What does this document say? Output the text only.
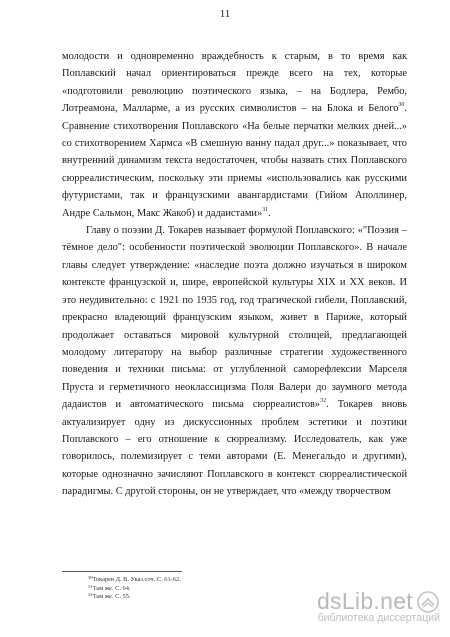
11

молодости и одновременно враждебность к старым, в то время как Поплавский начал ориентироваться прежде всего на тех, которые «подготовили революцию поэтического языка, – на Бодлера, Рембо, Лотреамона, Малларме, а из русских символистов – на Блока и Белого$^{30}$. Сравнение стихотворения Поплавского «На белые перчатки мелких дней...» со стихотворением Хармса «В смешную ванну падал друг...» показывает, что внутренний динамизм текста недостаточен, чтобы назвать стих Поплавского сюрреалистическим, поскольку эти приемы «использовались как русскими футуристами, так и французскими авангардистами (Гийом Аполлинер, Андре Сальмон, Макс Жакоб) и дадаистами»$^{31}$.

Главу о поэзии Д. Токарев называет формулой Поплавского: «"Поэзия – тёмное дело": особенности поэтической эволюции Поплавского». В начале главы следует утверждение: «наследие поэта должно изучаться в широком контексте французской и, шире, европейской культуры XIX и XX веков. И это неудивительно: с 1921 по 1935 год, год трагической гибели, Поплавский, прекрасно владеющий французским языком, живет в Париже, который продолжает оставаться мировой культурной столицей, предлагающей молодому литератору на выбор различные стратегии художественного поведения и техники письма: от углубленной саморефлексии Марселя Пруста и герметичного неоклассицизма Поля Валери до заумного метода дадаистов и автоматического письма сюрреалистов»$^{32}$. Токарев вновь актуализирует одну из дискуссионных проблем эстетики и поэтики Поплавского – его отношение к сюрреализму. Исследователь, как уже говорилось, полемизирует с теми авторами (Е. Менегальдо и другими), которые однозначно зачисляют Поплавского в контекст сюрреалистической парадигмы. С другой стороны, он не утверждает, что «между творчеством

$^{30}$Токарев Д. В. Указ.соч. С. 61-62.
$^{31}$Там же. С. 64.
$^{32}$Там же. С. 55.	dsLib.net
библиотека диссертаций
